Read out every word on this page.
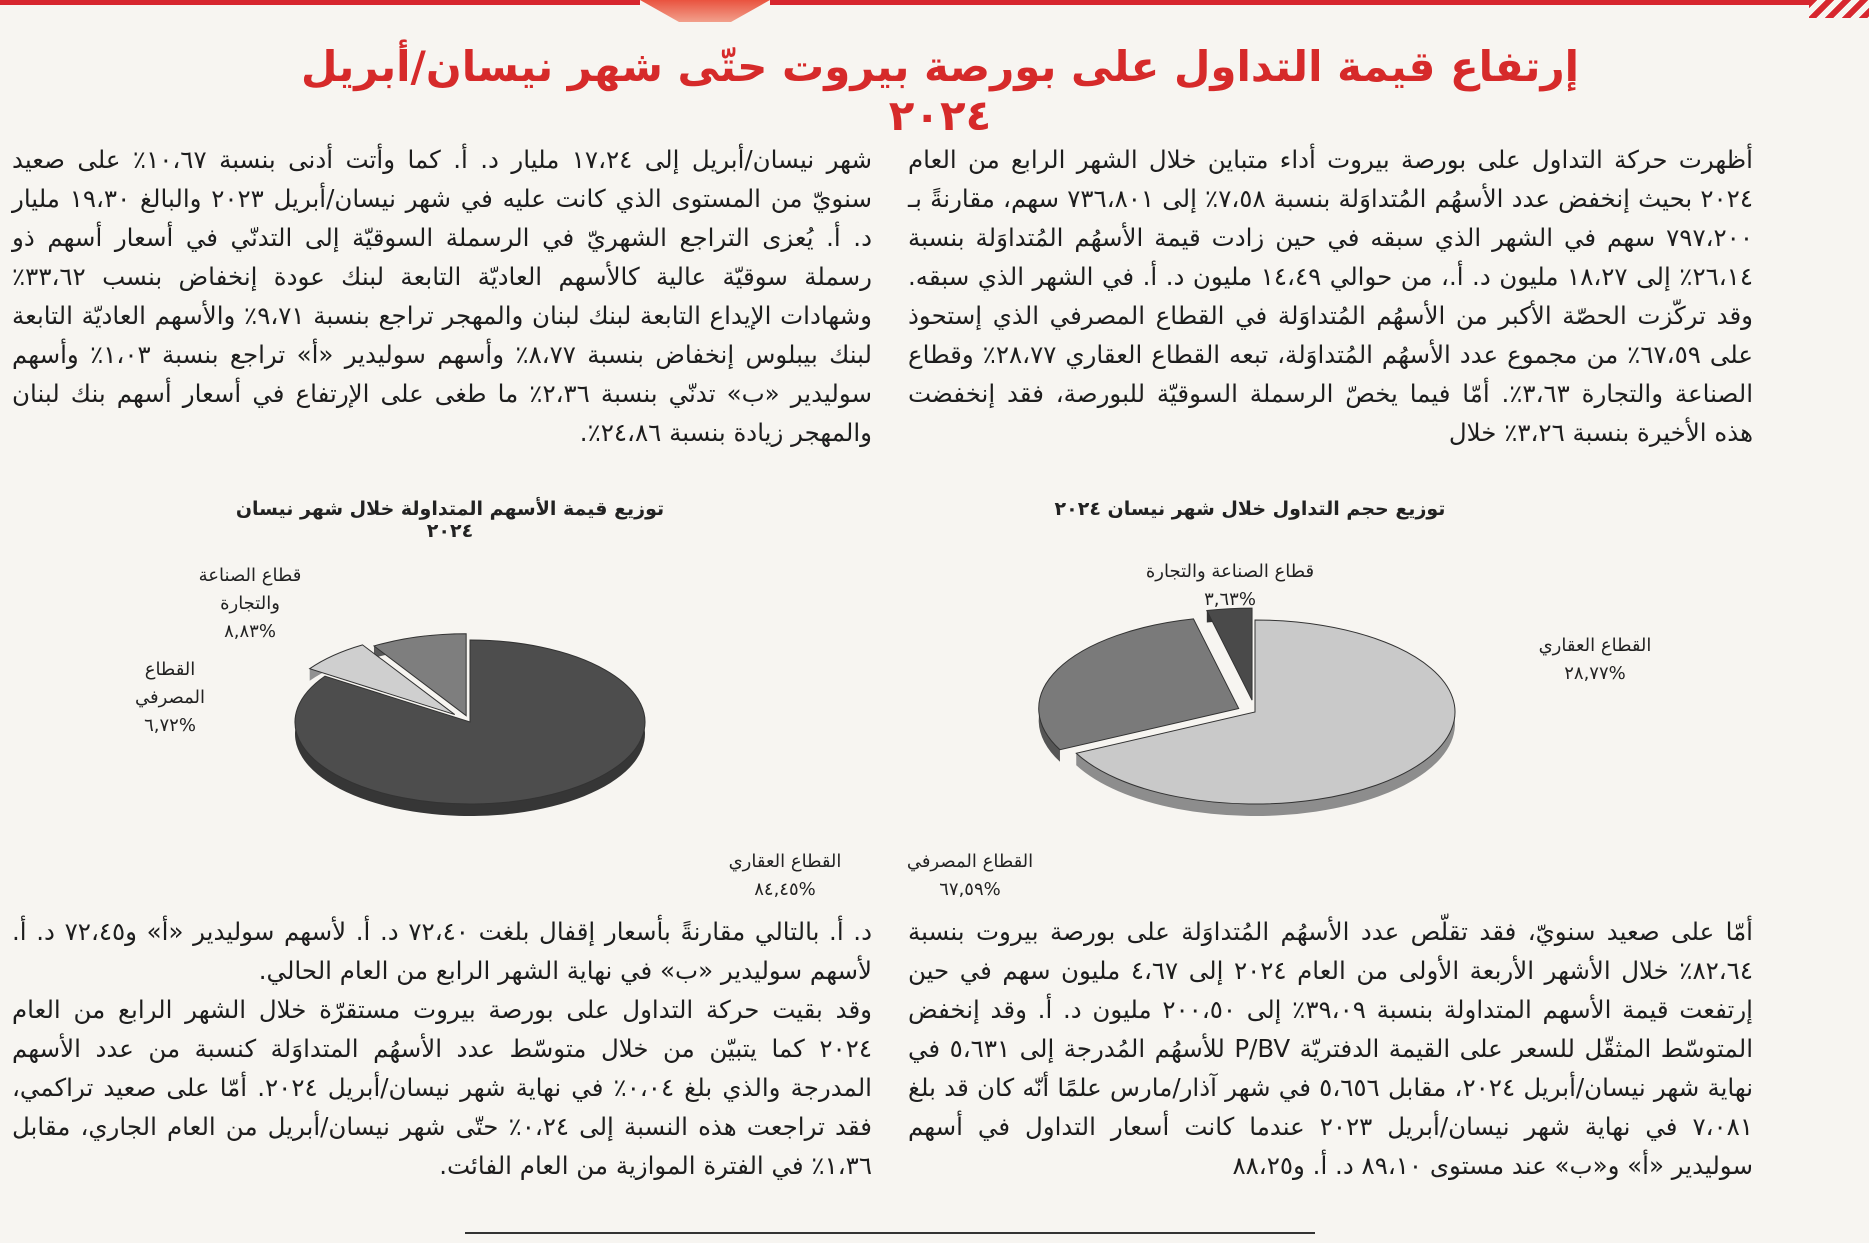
إرتفاع قيمة التداول على بورصة بيروت حتّى شهر نيسان/أبريل ٢٠٢٤

أظهرت حركة التداول على بورصة بيروت أداء متباين خلال الشهر الرابع من العام ٢٠٢٤ بحيث إنخفض عدد الأسهُم المُتداوَلة بنسبة ٧،٥٨٪ إلى ٧٣٦،٨٠١ سهم، مقارنةً بـ ٧٩٧،٢٠٠ سهم في الشهر الذي سبقه في حين زادت قيمة الأسهُم المُتداوَلة بنسبة ٢٦،١٤٪ إلى ١٨،٢٧ مليون د. أ.، من حوالي ١٤،٤٩ مليون د. أ. في الشهر الذي سبقه. وقد تركّزت الحصّة الأكبر من الأسهُم المُتداوَلة في القطاع المصرفي الذي إستحوذ على ٦٧،٥٩٪ من مجموع عدد الأسهُم المُتداوَلة، تبعه القطاع العقاري ٢٨،٧٧٪ وقطاع الصناعة والتجارة ٣،٦٣٪. أمّا فيما يخصّ الرسملة السوقيّة للبورصة، فقد إنخفضت هذه الأخيرة بنسبة ٣،٢٦٪ خلال

شهر نيسان/أبريل إلى ١٧،٢٤ مليار د. أ. كما وأتت أدنى بنسبة ١٠،٦٧٪ على صعيد سنويّ من المستوى الذي كانت عليه في شهر نيسان/أبريل ٢٠٢٣ والبالغ ١٩،٣٠ مليار د. أ. يُعزى التراجع الشهريّ في الرسملة السوقيّة إلى التدنّي في أسعار أسهم ذو رسملة سوقيّة عالية كالأسهم العاديّة التابعة لبنك عودة إنخفاض بنسب ٣٣،٦٢٪ وشهادات الإيداع التابعة لبنك لبنان والمهجر تراجع بنسبة ٩،٧١٪ والأسهم العاديّة التابعة لبنك بيبلوس إنخفاض بنسبة ٨،٧٧٪ وأسهم سوليدير «أ» تراجع بنسبة ١،٠٣٪ وأسهم سوليدير «ب» تدنّي بنسبة ٢،٣٦٪ ما طغى على الإرتفاع في أسعار أسهم بنك لبنان والمهجر زيادة بنسبة ٢٤،٨٦٪.

توزيع حجم التداول خلال شهر نيسان ٢٠٢٤
قطاع الصناعة والتجارة
%٣,٦٣
القطاع العقاري
%٢٨,٧٧
القطاع المصرفي
%٦٧,٥٩
توزيع قيمة الأسهم المتداولة خلال شهر نيسان ٢٠٢٤
قطاع الصناعة والتجارة
%٨,٨٣
القطاع المصرفي
%٦,٧٢
القطاع العقاري
%٨٤,٤٥

أمّا على صعيد سنويّ، فقد تقلّص عدد الأسهُم المُتداوَلة على بورصة بيروت بنسبة ٨٢،٦٤٪ خلال الأشهر الأربعة الأولى من العام ٢٠٢٤ إلى ٤،٦٧ مليون سهم في حين إرتفعت قيمة الأسهم المتداولة بنسبة ٣٩،٠٩٪ إلى ٢٠٠،٥٠ مليون د. أ. وقد إنخفض المتوسّط المثقّل للسعر على القيمة الدفتريّة P/BV للأسهُم المُدرجة إلى ٥،٦٣١ في نهاية شهر نيسان/أبريل ٢٠٢٤، مقابل ٥،٦٥٦ في شهر آذار/مارس علمًا أنّه كان قد بلغ ٧،٠٨١ في نهاية شهر نيسان/أبريل ٢٠٢٣ عندما كانت أسعار التداول في أسهم سوليدير «أ» و«ب» عند مستوى ٨٩،١٠ د. أ. و٨٨،٢٥

د. أ. بالتالي مقارنةً بأسعار إقفال بلغت ٧٢،٤٠ د. أ. لأسهم سوليدير «أ» و٧٢،٤٥ د. أ. لأسهم سوليدير «ب» في نهاية الشهر الرابع من العام الحالي.
وقد بقيت حركة التداول على بورصة بيروت مستقرّة خلال الشهر الرابع من العام ٢٠٢٤ كما يتبيّن من خلال متوسّط عدد الأسهُم المتداوَلة كنسبة من عدد الأسهم المدرجة والذي بلغ ٠،٠٤٪ في نهاية شهر نيسان/أبريل ٢٠٢٤. أمّا على صعيد تراكمي، فقد تراجعت هذه النسبة إلى ٠،٢٤٪ حتّى شهر نيسان/أبريل من العام الجاري، مقابل ١،٣٦٪ في الفترة الموازية من العام الفائت.
